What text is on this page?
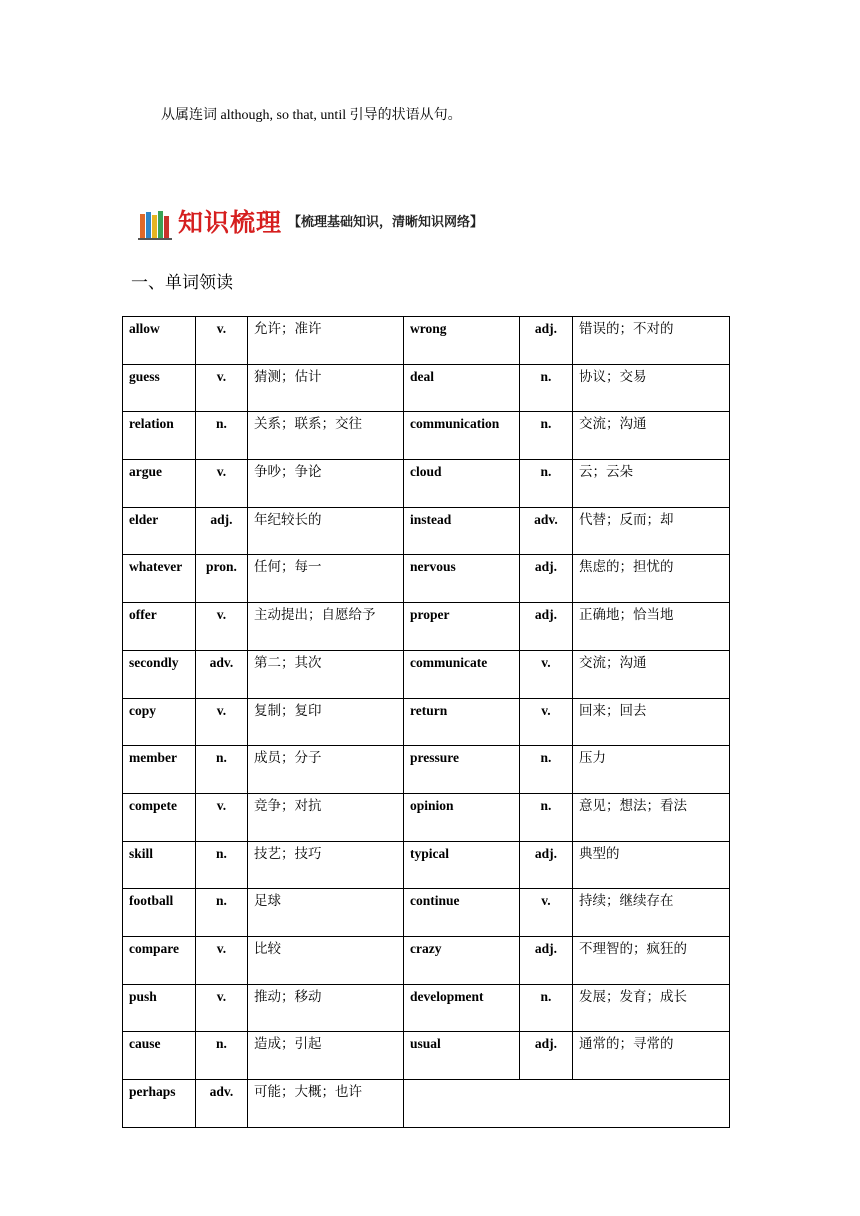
从属连词 although, so that, until 引导的状语从句。
知识梳理 【梳理基础知识，清晰知识网络】
一、单词领读
allow	v.	允许；准许	wrong	adj.	错误的；不对的
guess	v.	猜测；估计	deal	n.	协议；交易
relation	n.	关系；联系；交往	communication	n.	交流；沟通
argue	v.	争吵；争论	cloud	n.	云；云朵
elder	adj.	年纪较长的	instead	adv.	代替；反而；却
whatever	pron.	任何；每一	nervous	adj.	焦虑的；担忧的
offer	v.	主动提出；自愿给予	proper	adj.	正确地；恰当地
secondly	adv.	第二；其次	communicate	v.	交流；沟通
copy	v.	复制；复印	return	v.	回来；回去
member	n.	成员；分子	pressure	n.	压力
compete	v.	竞争；对抗	opinion	n.	意见；想法；看法
skill	n.	技艺；技巧	typical	adj.	典型的
football	n.	足球	continue	v.	持续；继续存在
compare	v.	比较	crazy	adj.	不理智的；疯狂的
push	v.	推动；移动	development	n.	发展；发育；成长
cause	n.	造成；引起	usual	adj.	通常的；寻常的
perhaps	adv.	可能；大概；也许			
